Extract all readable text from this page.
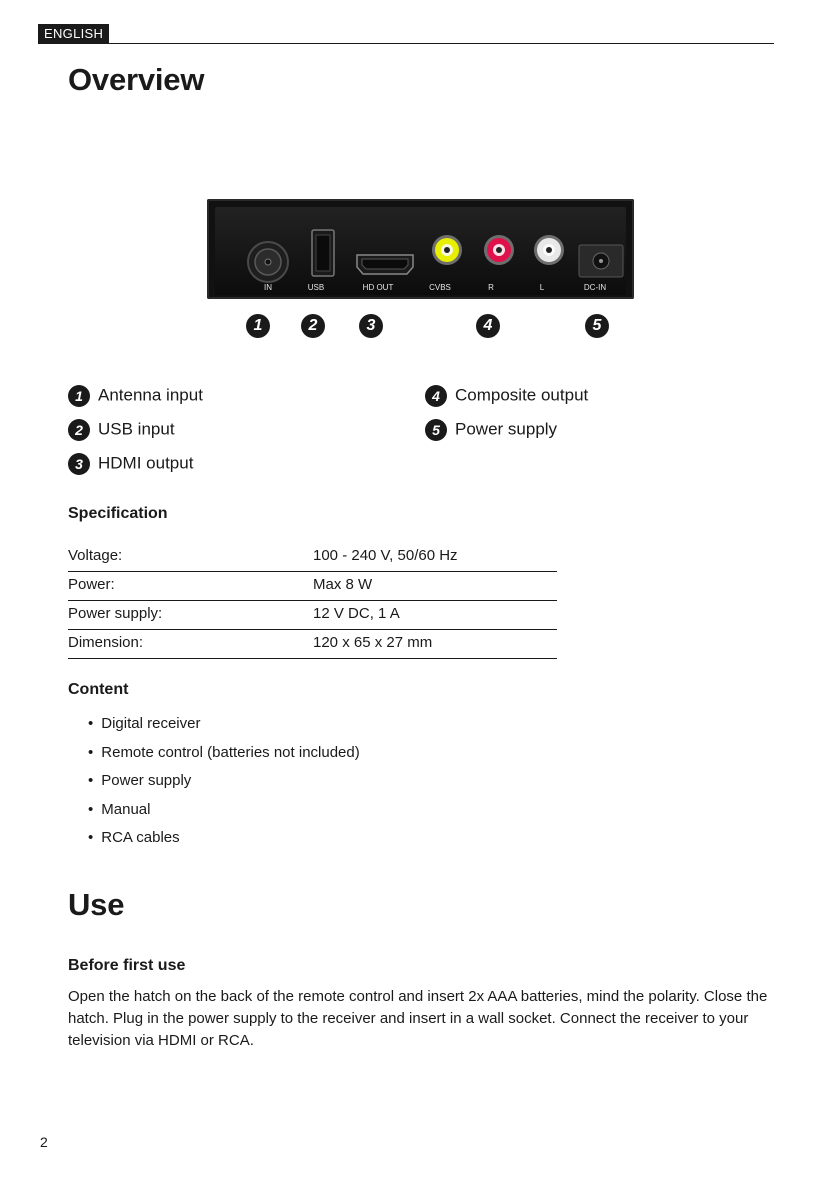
ENGLISH
Overview
IN	USB	HD OUT	CVBS	R	L	DC-IN
1	2	3	4	5
1 Antenna input
2 USB input
3 HDMI output
4 Composite output
5 Power supply
Specification
Voltage:	100 - 240 V, 50/60 Hz
Power:	Max 8 W
Power supply:	12 V DC, 1 A
Dimension:	120 x 65 x 27 mm
Content
• Digital receiver
• Remote control (batteries not included)
• Power supply
• Manual
• RCA cables
Use
Before first use
Open the hatch on the back of the remote control and insert 2x AAA batteries, mind the polarity. Close the hatch. Plug in the power supply to the receiver and insert in a wall socket. Connect the receiver to your television via HDMI or RCA.
2
